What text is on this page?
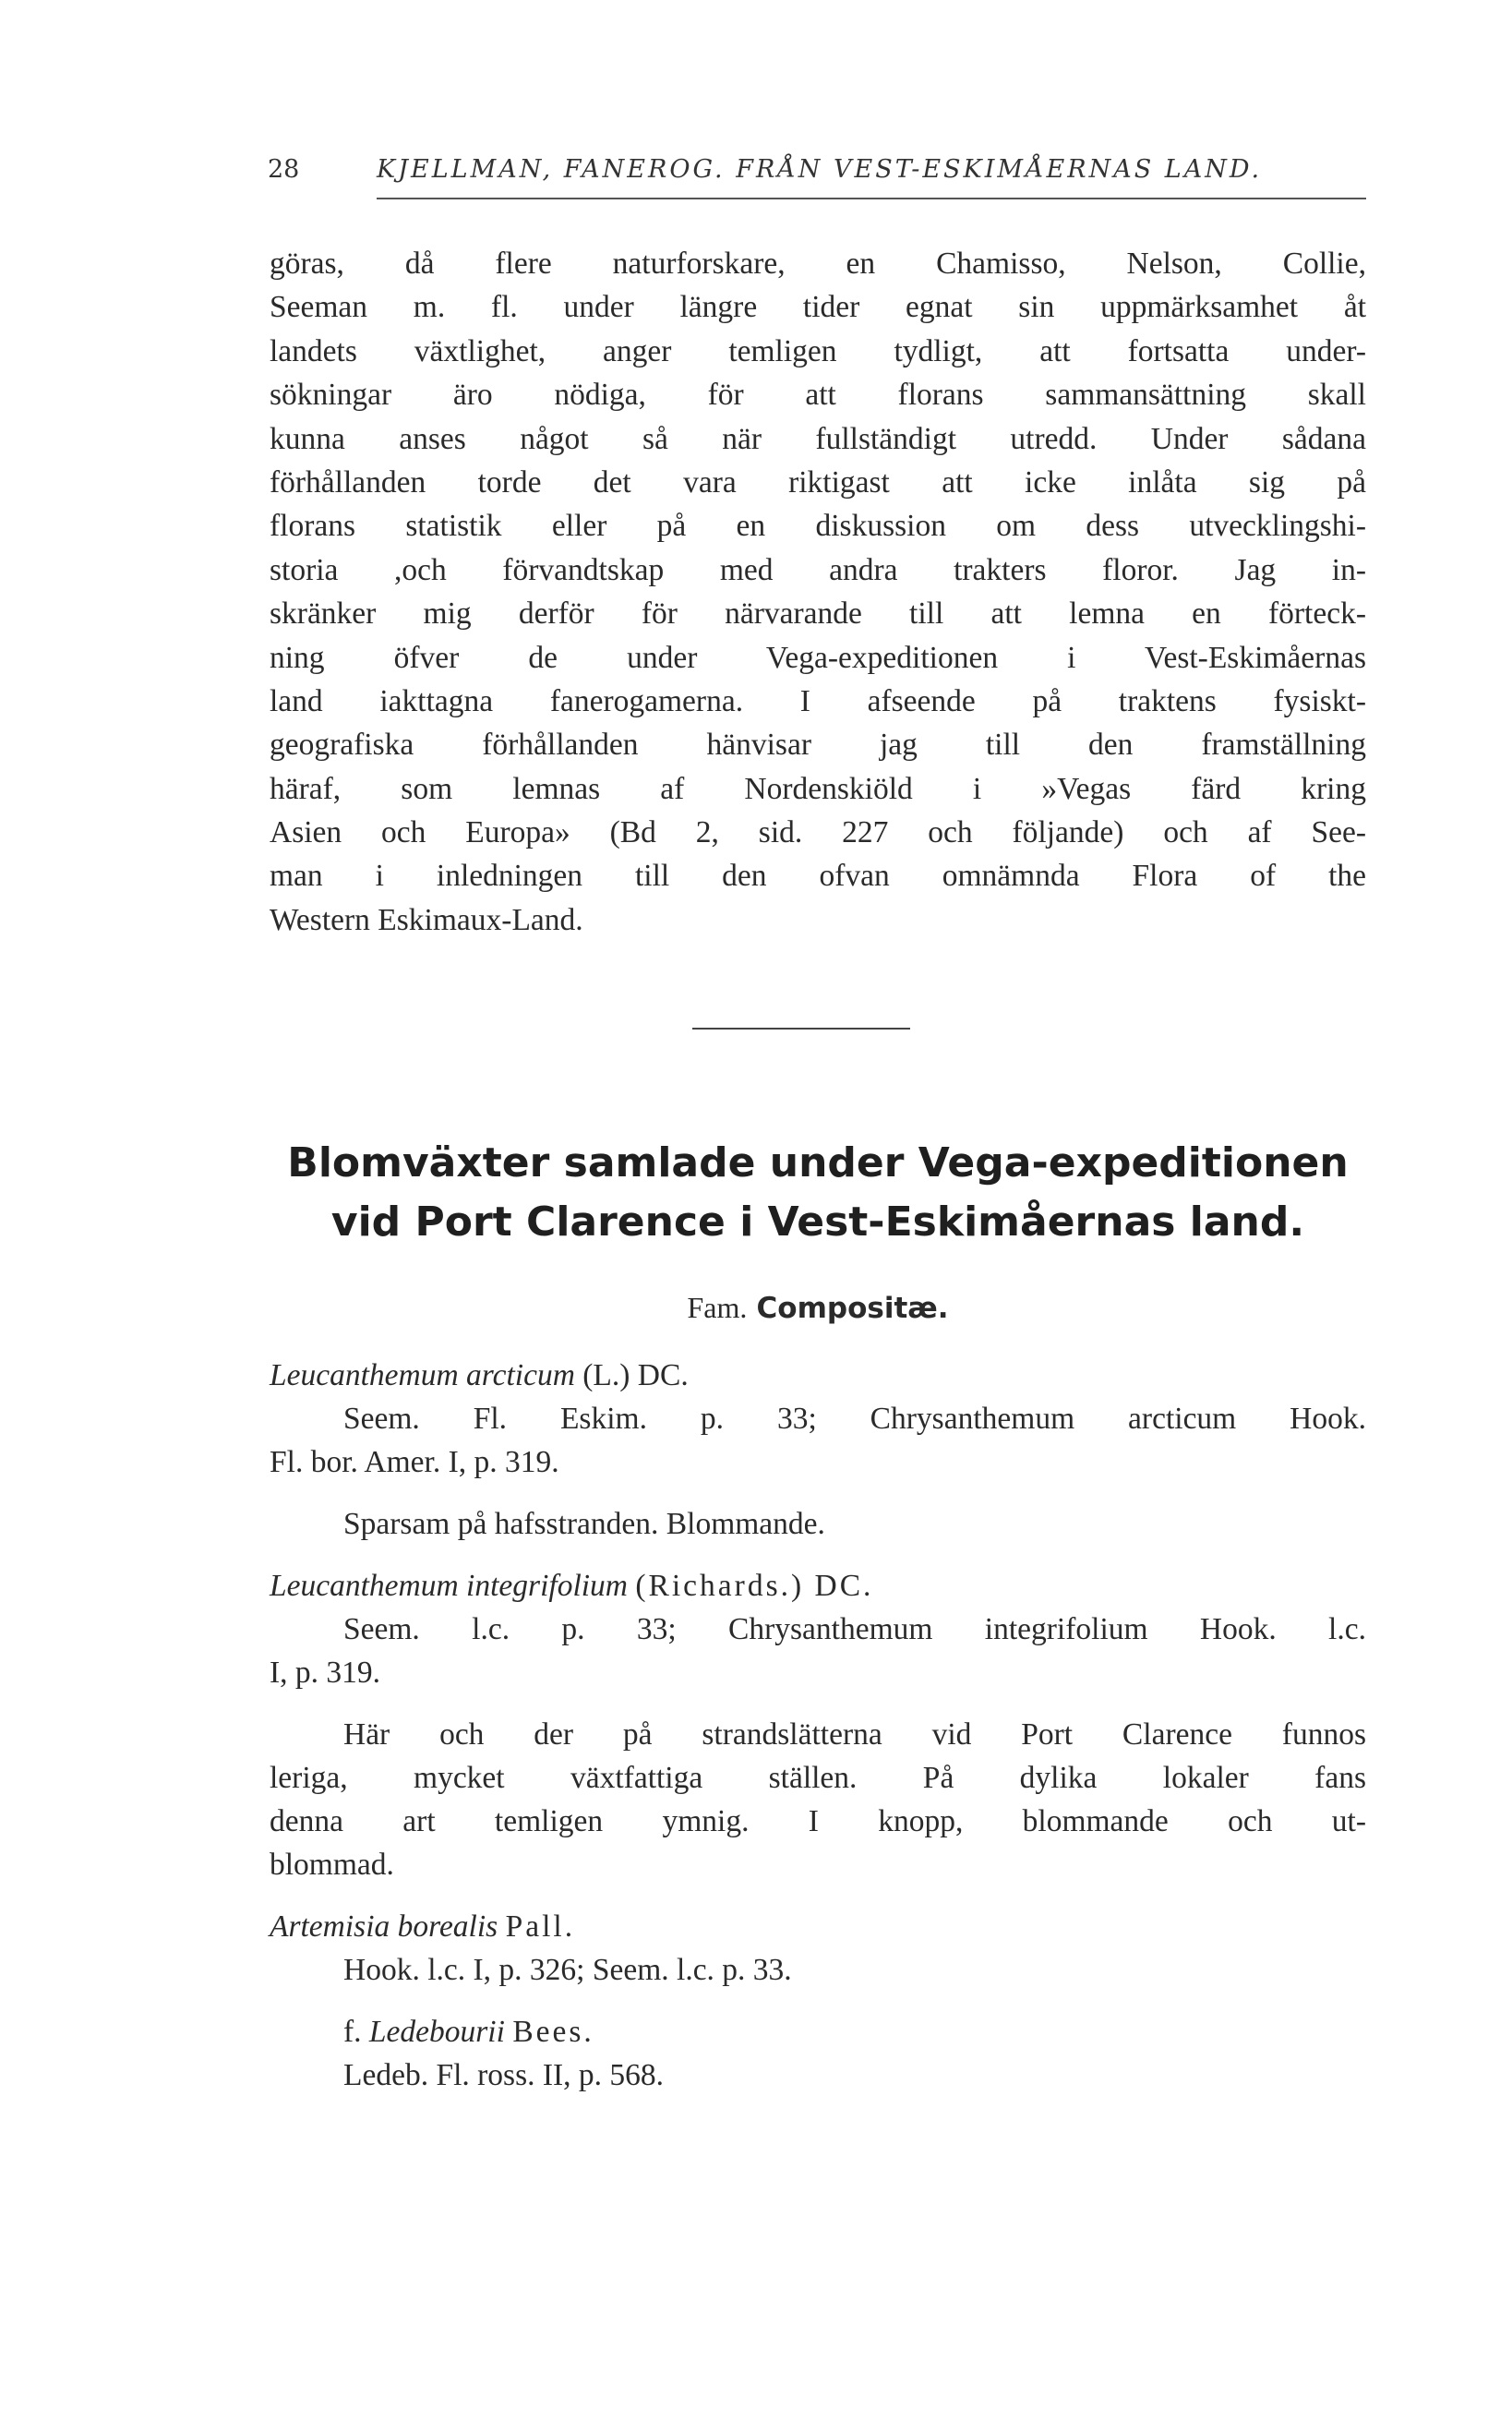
28	KJELLMAN, FANEROG. FRÅN VEST-ESKIMÅERNAS LAND.
göras, då flere naturforskare, en Chamisso, Nelson, Collie,
Seeman m. fl. under längre tider egnat sin uppmärksamhet åt
landets växtlighet, anger temligen tydligt, att fortsatta under-
sökningar äro nödiga, för att florans sammansättning skall
kunna anses något så när fullständigt utredd. Under sådana
förhållanden torde det vara riktigast att icke inlåta sig på
florans statistik eller på en diskussion om dess utvecklingshi-
storia ,och förvandtskap med andra trakters floror. Jag in-
skränker mig derför för närvarande till att lemna en förteck-
ning öfver de under Vega-expeditionen i Vest-Eskimåernas
land iakttagna fanerogamerna. I afseende på traktens fysiskt-
geografiska förhållanden hänvisar jag till den framställning
häraf, som lemnas af Nordenskiöld i »Vegas färd kring
Asien och Europa» (Bd 2, sid. 227 och följande) och af See-
man i inledningen till den ofvan omnämnda Flora of the
Western Eskimaux-Land.
Blomväxter samlade under Vega-expeditionen
vid Port Clarence i Vest-Eskimåernas land.
Fam. Compositæ.
Leucanthemum arcticum (L.) DC.
Seem. Fl. Eskim. p. 33; Chrysanthemum arcticum Hook.
Fl. bor. Amer. I, p. 319.
Sparsam på hafsstranden. Blommande.
Leucanthemum integrifolium (Richards.) DC.
Seem. l.c. p. 33; Chrysanthemum integrifolium Hook. l.c.
I, p. 319.
Här och der på strandslätterna vid Port Clarence funnos
leriga, mycket växtfattiga ställen. På dylika lokaler fans
denna art temligen ymnig. I knopp, blommande och ut-
blommad.
Artemisia borealis Pall.
Hook. l.c. I, p. 326; Seem. l.c. p. 33.
f. Ledebourii Bees.
Ledeb. Fl. ross. II, p. 568.
